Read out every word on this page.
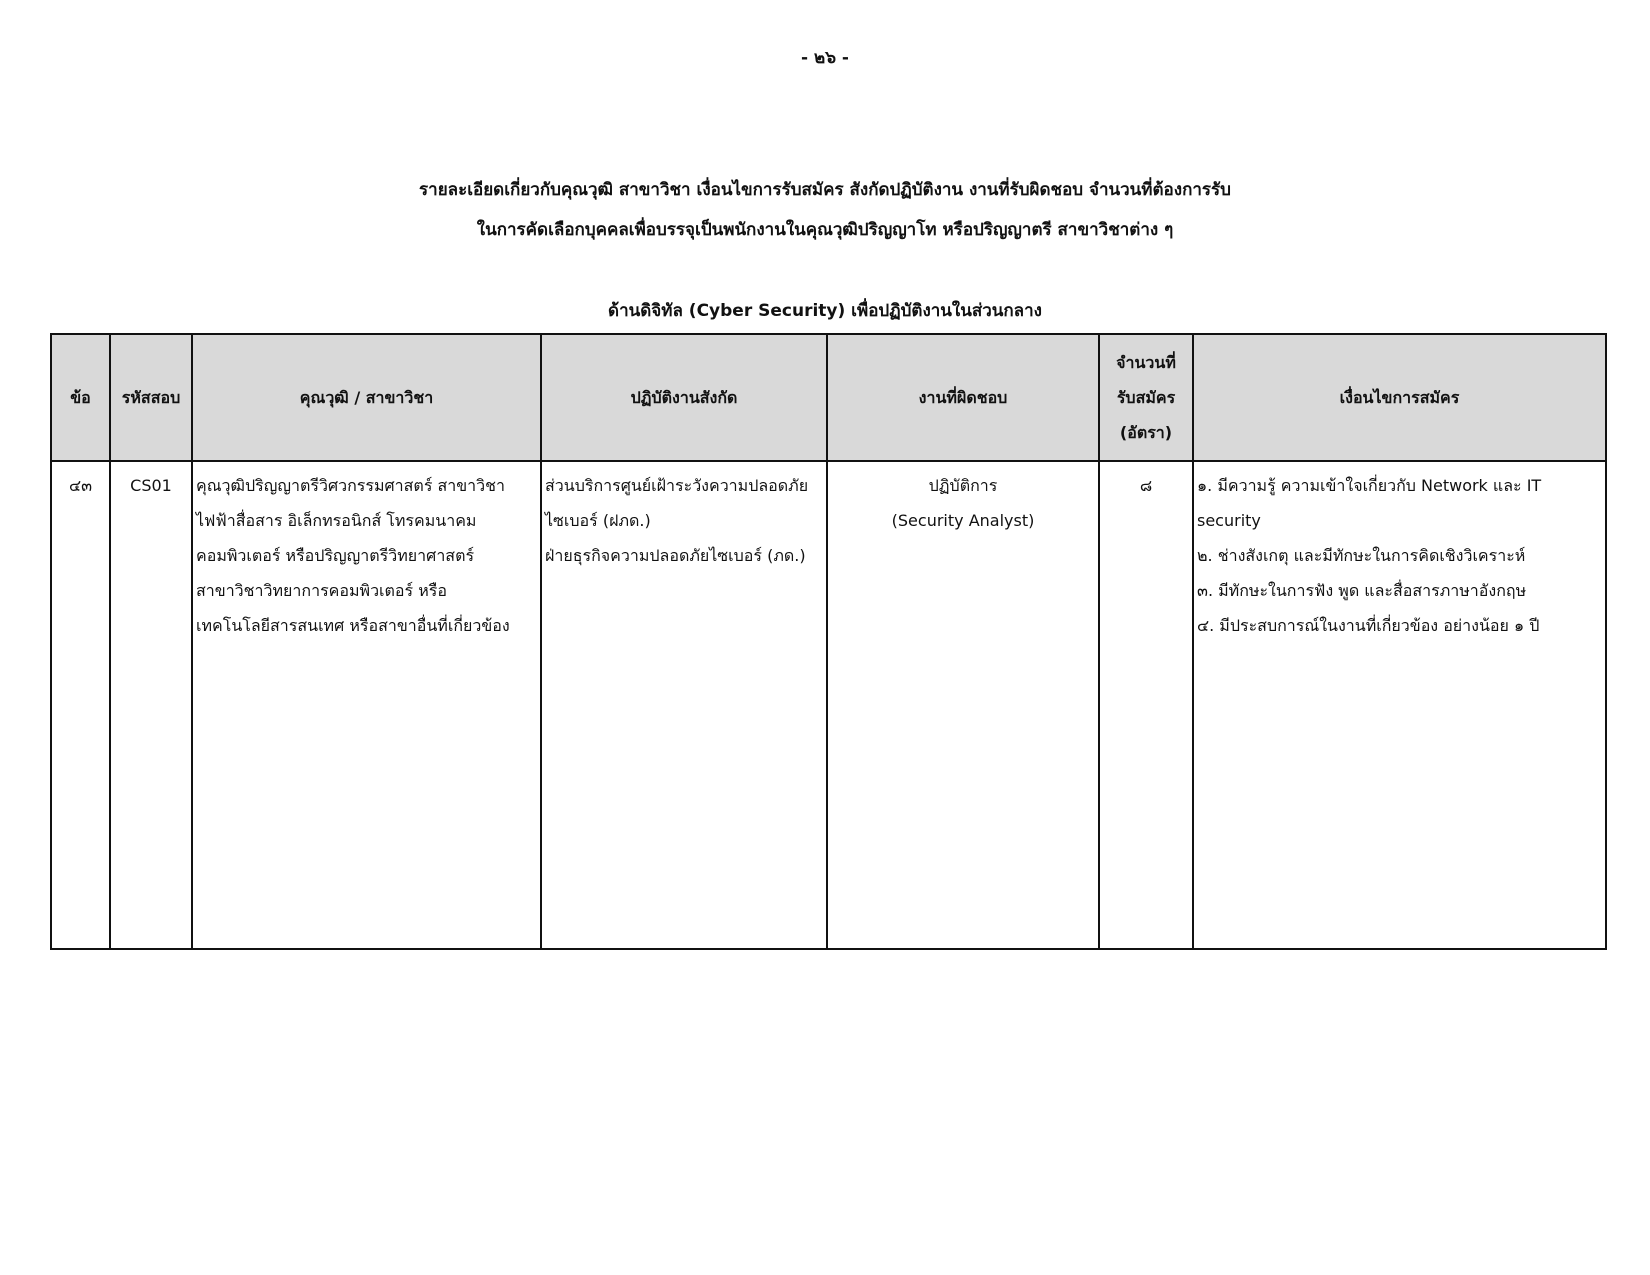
- ๒๖ -
รายละเอียดเกี่ยวกับคุณวุฒิ สาขาวิชา เงื่อนไขการรับสมัคร สังกัดปฏิบัติงาน งานที่รับผิดชอบ จำนวนที่ต้องการรับ
ในการคัดเลือกบุคคลเพื่อบรรจุเป็นพนักงานในคุณวุฒิปริญญาโท หรือปริญญาตรี สาขาวิชาต่าง ๆ
ด้านดิจิทัล (Cyber Security) เพื่อปฏิบัติงานในส่วนกลาง
ข้อ	รหัสสอบ	คุณวุฒิ / สาขาวิชา	ปฏิบัติงานสังกัด	งานที่ผิดชอบ	จำนวนที่
รับสมัคร
(อัตรา)	เงื่อนไขการสมัคร
๔๓	CS01	คุณวุฒิปริญญาตรีวิศวกรรมศาสตร์ สาขาวิชา
ไฟฟ้าสื่อสาร อิเล็กทรอนิกส์ โทรคมนาคม
คอมพิวเตอร์ หรือปริญญาตรีวิทยาศาสตร์
สาขาวิชาวิทยาการคอมพิวเตอร์ หรือ
เทคโนโลยีสารสนเทศ หรือสาขาอื่นที่เกี่ยวข้อง	ส่วนบริการศูนย์เฝ้าระวังความปลอดภัย
ไซเบอร์ (ฝภด.)
ฝ่ายธุรกิจความปลอดภัยไซเบอร์ (ภด.)	ปฏิบัติการ
(Security Analyst)	๘	๑. มีความรู้ ความเข้าใจเกี่ยวกับ Network และ IT
security
๒. ช่างสังเกตุ และมีทักษะในการคิดเชิงวิเคราะห์
๓. มีทักษะในการฟัง พูด และสื่อสารภาษาอังกฤษ
๔. มีประสบการณ์ในงานที่เกี่ยวข้อง อย่างน้อย ๑ ปี
